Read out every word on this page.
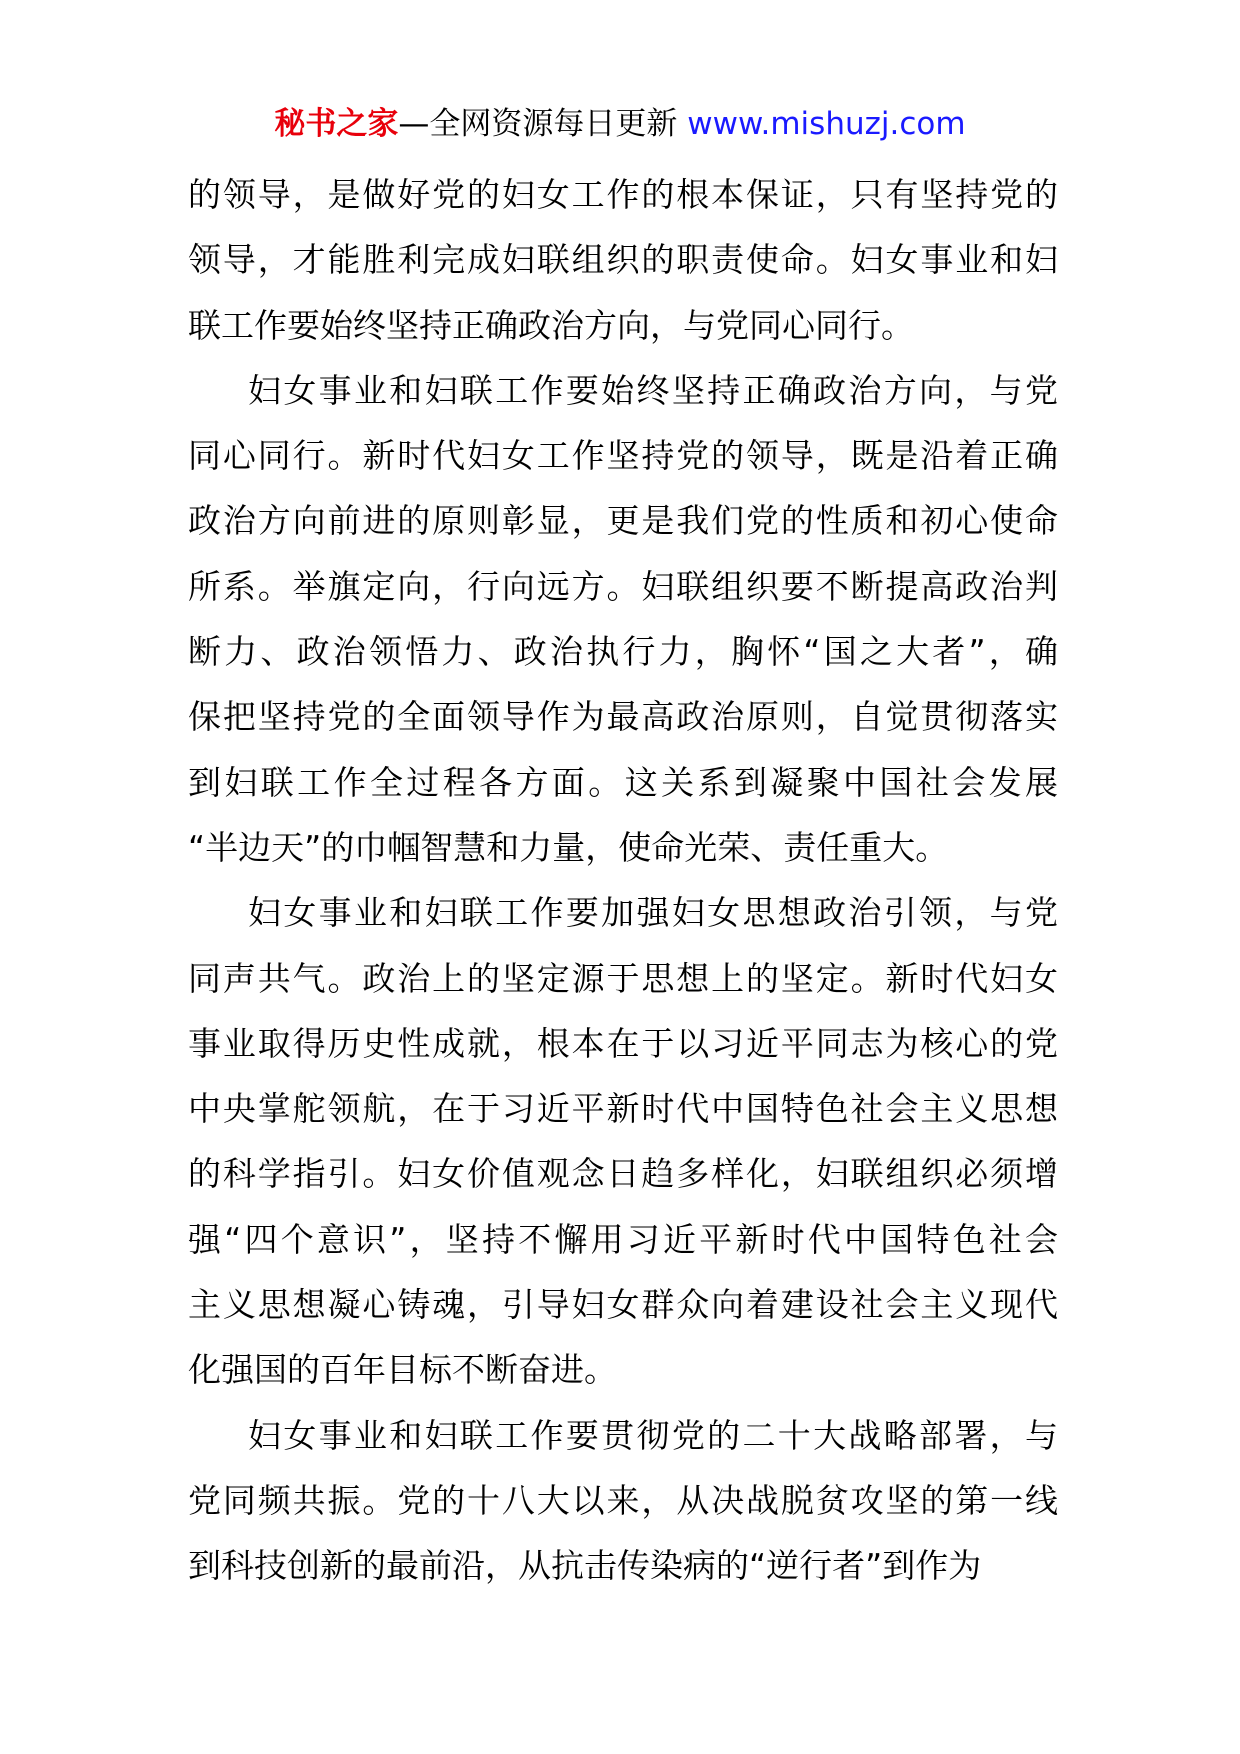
秘书之家—全网资源每日更新 www.mishuzj.com

的领导，是做好党的妇女工作的根本保证，只有坚持党的
领导，才能胜利完成妇联组织的职责使命。妇女事业和妇
联工作要始终坚持正确政治方向，与党同心同行。

妇女事业和妇联工作要始终坚持正确政治方向，与党
同心同行。新时代妇女工作坚持党的领导，既是沿着正确
政治方向前进的原则彰显，更是我们党的性质和初心使命
所系。举旗定向，行向远方。妇联组织要不断提高政治判
断力、政治领悟力、政治执行力，胸怀“国之大者”，确
保把坚持党的全面领导作为最高政治原则，自觉贯彻落实
到妇联工作全过程各方面。这关系到凝聚中国社会发展
“半边天”的巾帼智慧和力量，使命光荣、责任重大。

妇女事业和妇联工作要加强妇女思想政治引领，与党
同声共气。政治上的坚定源于思想上的坚定。新时代妇女
事业取得历史性成就，根本在于以习近平同志为核心的党
中央掌舵领航，在于习近平新时代中国特色社会主义思想
的科学指引。妇女价值观念日趋多样化，妇联组织必须增
强“四个意识”，坚持不懈用习近平新时代中国特色社会
主义思想凝心铸魂，引导妇女群众向着建设社会主义现代
化强国的百年目标不断奋进。

妇女事业和妇联工作要贯彻党的二十大战略部署，与
党同频共振。党的十八大以来，从决战脱贫攻坚的第一线
到科技创新的最前沿，从抗击传染病的“逆行者”到作为
